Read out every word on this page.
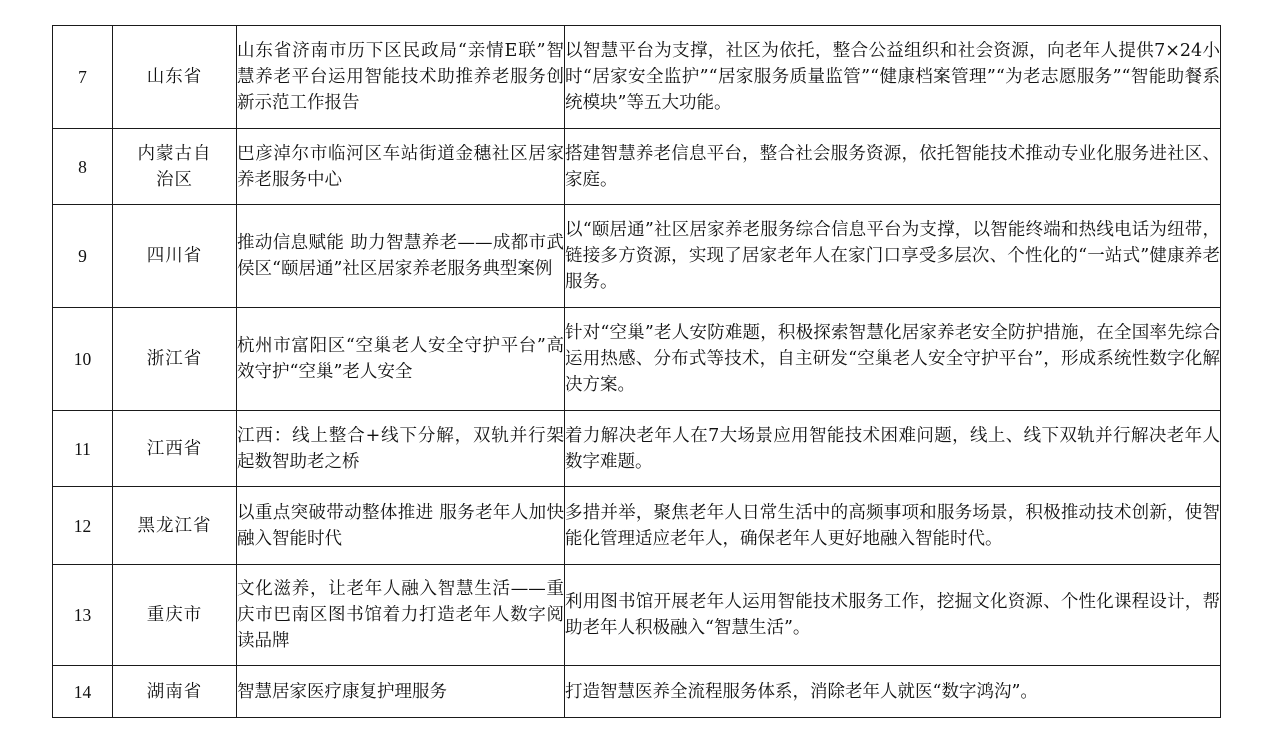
7	山东省	山东省济南市历下区民政局“亲情E联”智慧养老平台运用智能技术助推养老服务创新示范工作报告	以智慧平台为支撑，社区为依托，整合公益组织和社会资源，向老年人提供7×24小时“居家安全监护”“居家服务质量监管”“健康档案管理”“为老志愿服务”“智能助餐系统模块”等五大功能。
8	内蒙古自治区	巴彦淖尔市临河区车站街道金穗社区居家养老服务中心	搭建智慧养老信息平台，整合社会服务资源，依托智能技术推动专业化服务进社区、家庭。
9	四川省	推动信息赋能 助力智慧养老——成都市武侯区“颐居通”社区居家养老服务典型案例	以“颐居通”社区居家养老服务综合信息平台为支撑，以智能终端和热线电话为纽带，链接多方资源，实现了居家老年人在家门口享受多层次、个性化的“一站式”健康养老服务。
10	浙江省	杭州市富阳区“空巢老人安全守护平台”高效守护“空巢”老人安全	针对“空巢”老人安防难题，积极探索智慧化居家养老安全防护措施，在全国率先综合运用热感、分布式等技术，自主研发“空巢老人安全守护平台”，形成系统性数字化解决方案。
11	江西省	江西：线上整合+线下分解，双轨并行架起数智助老之桥	着力解决老年人在7大场景应用智能技术困难问题，线上、线下双轨并行解决老年人数字难题。
12	黑龙江省	以重点突破带动整体推进 服务老年人加快融入智能时代	多措并举，聚焦老年人日常生活中的高频事项和服务场景，积极推动技术创新，使智能化管理适应老年人，确保老年人更好地融入智能时代。
13	重庆市	文化滋养，让老年人融入智慧生活——重庆市巴南区图书馆着力打造老年人数字阅读品牌	利用图书馆开展老年人运用智能技术服务工作，挖掘文化资源、个性化课程设计，帮助老年人积极融入“智慧生活”。
14	湖南省	智慧居家医疗康复护理服务	打造智慧医养全流程服务体系，消除老年人就医“数字鸿沟”。
